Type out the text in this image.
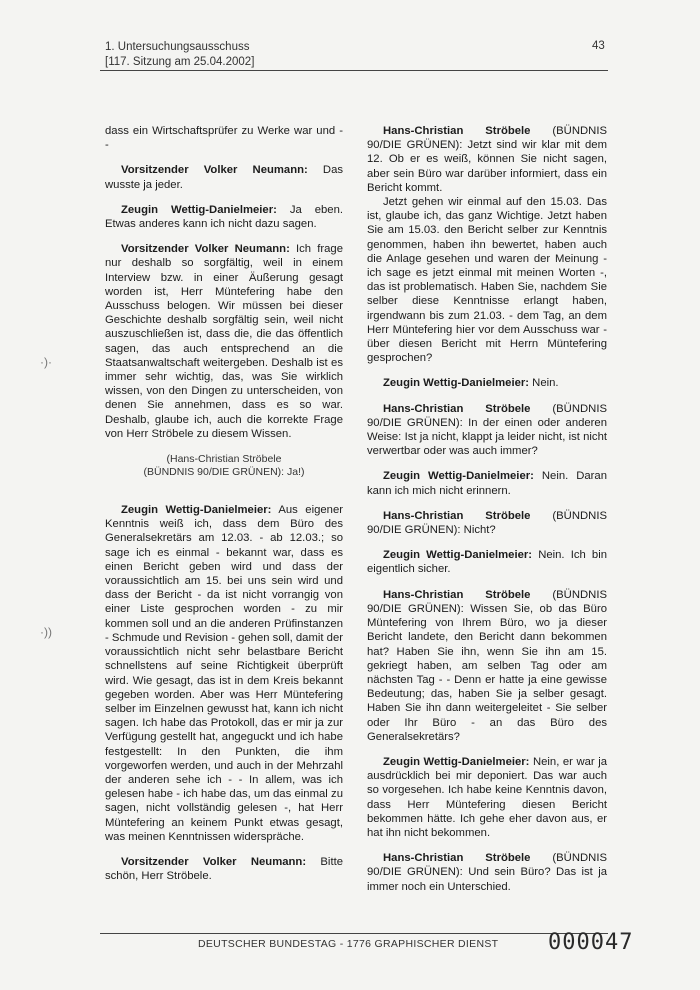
1. Untersuchungsausschuss
[117. Sitzung am 25.04.2002]
43

dass ein Wirtschaftsprüfer zu Werke war und - -

Vorsitzender Volker Neumann: Das wusste ja jeder.

Zeugin Wettig-Danielmeier: Ja eben. Etwas anderes kann ich nicht dazu sagen.

Vorsitzender Volker Neumann: Ich frage nur deshalb so sorgfältig, weil in einem Interview bzw. in einer Äußerung gesagt worden ist, Herr Müntefering habe den Ausschuss belogen. Wir müssen bei dieser Geschichte deshalb sorgfältig sein, weil nicht auszuschließen ist, dass die, die das öffentlich sagen, das auch entsprechend an die Staatsanwaltschaft weitergeben. Deshalb ist es immer sehr wichtig, das, was Sie wirklich wissen, von den Dingen zu unterscheiden, von denen Sie annehmen, dass es so war. Deshalb, glaube ich, auch die korrekte Frage von Herr Ströbele zu diesem Wissen.

(Hans-Christian Ströbele
(BÜNDNIS 90/DIE GRÜNEN): Ja!)

Zeugin Wettig-Danielmeier: Aus eigener Kenntnis weiß ich, dass dem Büro des Generalsekretärs am 12.03. - ab 12.03.; so sage ich es einmal - bekannt war, dass es einen Bericht geben wird und dass der voraussichtlich am 15. bei uns sein wird und dass der Bericht - da ist nicht vorrangig von einer Liste gesprochen worden - zu mir kommen soll und an die anderen Prüfinstanzen - Schmude und Revision - gehen soll, damit der voraussichtlich nicht sehr belastbare Bericht schnellstens auf seine Richtigkeit überprüft wird. Wie gesagt, das ist in dem Kreis bekannt gegeben worden. Aber was Herr Müntefering selber im Einzelnen gewusst hat, kann ich nicht sagen. Ich habe das Protokoll, das er mir ja zur Verfügung gestellt hat, angeguckt und ich habe festgestellt: In den Punkten, die ihm vorgeworfen werden, und auch in der Mehrzahl der anderen sehe ich - - In allem, was ich gelesen habe - ich habe das, um das einmal zu sagen, nicht vollständig gelesen -, hat Herr Müntefering an keinem Punkt etwas gesagt, was meinen Kenntnissen widerspräche.

Vorsitzender Volker Neumann: Bitte schön, Herr Ströbele.

Hans-Christian Ströbele (BÜNDNIS 90/DIE GRÜNEN): Jetzt sind wir klar mit dem 12. Ob er es weiß, können Sie nicht sagen, aber sein Büro war darüber informiert, dass ein Bericht kommt.

Jetzt gehen wir einmal auf den 15.03. Das ist, glaube ich, das ganz Wichtige. Jetzt haben Sie am 15.03. den Bericht selber zur Kenntnis genommen, haben ihn bewertet, haben auch die Anlage gesehen und waren der Meinung - ich sage es jetzt einmal mit meinen Worten -, das ist problematisch. Haben Sie, nachdem Sie selber diese Kenntnisse erlangt haben, irgendwann bis zum 21.03. - dem Tag, an dem Herr Müntefering hier vor dem Ausschuss war - über diesen Bericht mit Herrn Müntefering gesprochen?

Zeugin Wettig-Danielmeier: Nein.

Hans-Christian Ströbele (BÜNDNIS 90/DIE GRÜNEN): In der einen oder anderen Weise: Ist ja nicht, klappt ja leider nicht, ist nicht verwertbar oder was auch immer?

Zeugin Wettig-Danielmeier: Nein. Daran kann ich mich nicht erinnern.

Hans-Christian Ströbele (BÜNDNIS 90/DIE GRÜNEN): Nicht?

Zeugin Wettig-Danielmeier: Nein. Ich bin eigentlich sicher.

Hans-Christian Ströbele (BÜNDNIS 90/DIE GRÜNEN): Wissen Sie, ob das Büro Müntefering von Ihrem Büro, wo ja dieser Bericht landete, den Bericht dann bekommen hat? Haben Sie ihn, wenn Sie ihn am 15. gekriegt haben, am selben Tag oder am nächsten Tag - - Denn er hatte ja eine gewisse Bedeutung; das, haben Sie ja selber gesagt. Haben Sie ihn dann weitergeleitet - Sie selber oder Ihr Büro - an das Büro des Generalsekretärs?

Zeugin Wettig-Danielmeier: Nein, er war ja ausdrücklich bei mir deponiert. Das war auch so vorgesehen. Ich habe keine Kenntnis davon, dass Herr Müntefering diesen Bericht bekommen hätte. Ich gehe eher davon aus, er hat ihn nicht bekommen.

Hans-Christian Ströbele (BÜNDNIS 90/DIE GRÜNEN): Und sein Büro? Das ist ja immer noch ein Unterschied.

·)·
·))
DEUTSCHER BUNDESTAG - 1776 GRAPHISCHER DIENST 000047
